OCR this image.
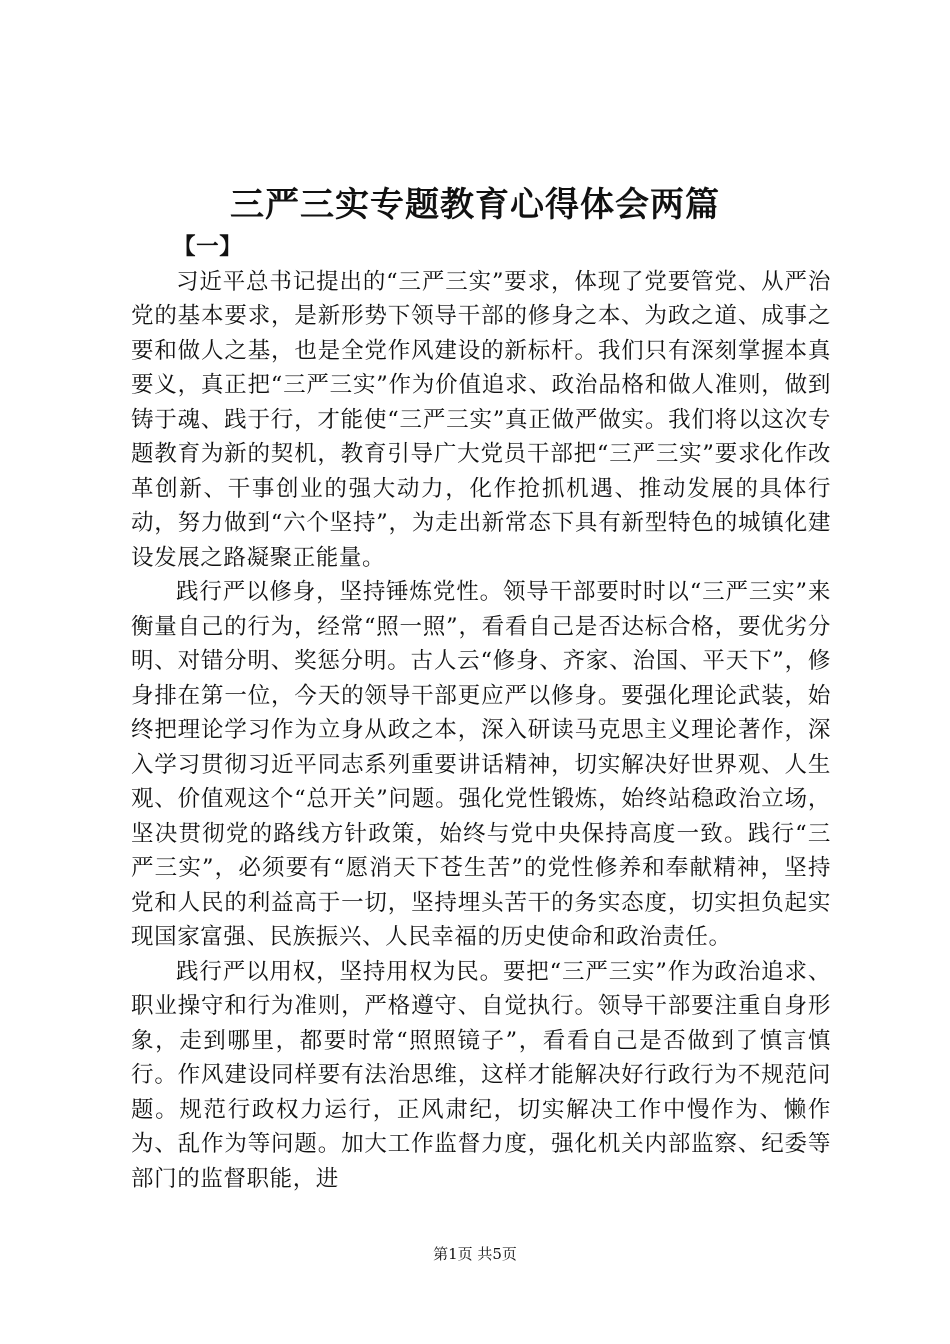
三严三实专题教育心得体会两篇

【一】

习近平总书记提出的“三严三实”要求，体现了党要管党、从严治党的基本要求，是新形势下领导干部的修身之本、为政之道、成事之要和做人之基，也是全党作风建设的新标杆。我们只有深刻掌握本真要义，真正把“三严三实”作为价值追求、政治品格和做人准则，做到铸于魂、践于行，才能使“三严三实”真正做严做实。我们将以这次专题教育为新的契机，教育引导广大党员干部把“三严三实”要求化作改革创新、干事创业的强大动力，化作抢抓机遇、推动发展的具体行动，努力做到“六个坚持”，为走出新常态下具有新型特色的城镇化建设发展之路凝聚正能量。

践行严以修身，坚持锤炼党性。领导干部要时时以“三严三实”来衡量自己的行为，经常“照一照”，看看自己是否达标合格，要优劣分明、对错分明、奖惩分明。古人云“修身、齐家、治国、平天下”，修身排在第一位，今天的领导干部更应严以修身。要强化理论武装，始终把理论学习作为立身从政之本，深入研读马克思主义理论著作，深入学习贯彻习近平同志系列重要讲话精神，切实解决好世界观、人生观、价值观这个“总开关”问题。强化党性锻炼，始终站稳政治立场，坚决贯彻党的路线方针政策，始终与党中央保持高度一致。践行“三严三实”，必须要有“愿消天下苍生苦”的党性修养和奉献精神，坚持党和人民的利益高于一切，坚持埋头苦干的务实态度，切实担负起实现国家富强、民族振兴、人民幸福的历史使命和政治责任。

践行严以用权，坚持用权为民。要把“三严三实”作为政治追求、职业操守和行为准则，严格遵守、自觉执行。领导干部要注重自身形象，走到哪里，都要时常“照照镜子”，看看自己是否做到了慎言慎行。作风建设同样要有法治思维，这样才能解决好行政行为不规范问题。规范行政权力运行，正风肃纪，切实解决工作中慢作为、懒作为、乱作为等问题。加大工作监督力度，强化机关内部监察、纪委等部门的监督职能，进

第1页 共5页
